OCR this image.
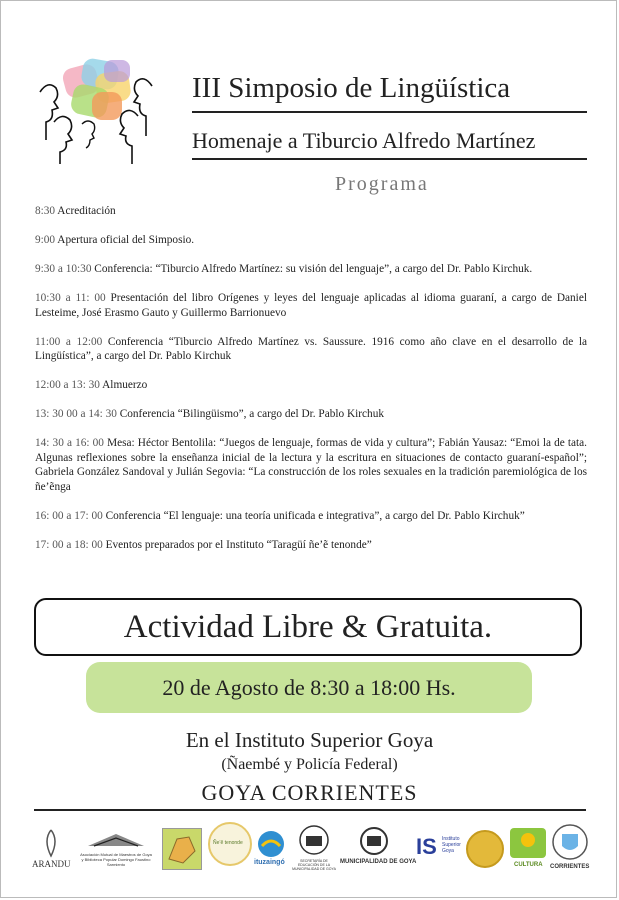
III Simposio de Lingüística
Homenaje a Tiburcio Alfredo Martínez
Programa
8:30 Acreditación
9:00 Apertura oficial del Simposio.
9:30 a 10:30 Conferencia: “Tiburcio Alfredo Martínez: su visión del lenguaje”, a cargo del Dr. Pablo Kirchuk.
10:30 a 11: 00 Presentación del libro Orígenes y leyes del lenguaje aplicadas al idioma guaraní, a cargo de Daniel Lesteime, José Erasmo Gauto y Guillermo Barrionuevo
11:00 a 12:00 Conferencia “Tiburcio Alfredo Martínez vs. Saussure. 1916 como año clave en el desarrollo de la Lingüística”, a cargo del Dr. Pablo Kirchuk
12:00 a 13: 30 Almuerzo
13: 30 00 a 14: 30 Conferencia “Bilingüismo”, a cargo del Dr. Pablo Kirchuk
14: 30 a 16: 00 Mesa: Héctor Bentolila: “Juegos de lenguaje, formas de vida y cultura”; Fabián Yausaz: “Emoi la de tata. Algunas reflexiones sobre la enseñanza inicial de la lectura y la escritura en situaciones de contacto guaraní-español”; Gabriela González Sandoval y Julián Segovia: “La construcción de los roles sexuales en la tradición paremiológica de los ñe’ẽnga
16: 00 a 17: 00 Conferencia “El lenguaje: una teoría unificada e integrativa”, a cargo del Dr. Pablo Kirchuk”
17: 00 a 18: 00 Eventos preparados por el Instituto “Taragüí ñe’ẽ tenonde”
Actividad Libre & Gratuita.
20 de Agosto de 8:30 a 18:00 Hs.
En el Instituto Superior Goya
(Ñaembé y Policía Federal)
GOYA CORRIENTES
ARANDU
Asociación Mutual de Maestros de Goya y Biblioteca Popular Domingo Faustino Sarmiento
Ñe’ẽ tenonde
ituzaingó	SECRETARÍA DE EDUCACIÓN DE LA MUNICIPALIDAD DE GOYA
MUNICIPALIDAD DE GOYA
IS Instituto Superior Goya
CULTURA CORRIENTES
